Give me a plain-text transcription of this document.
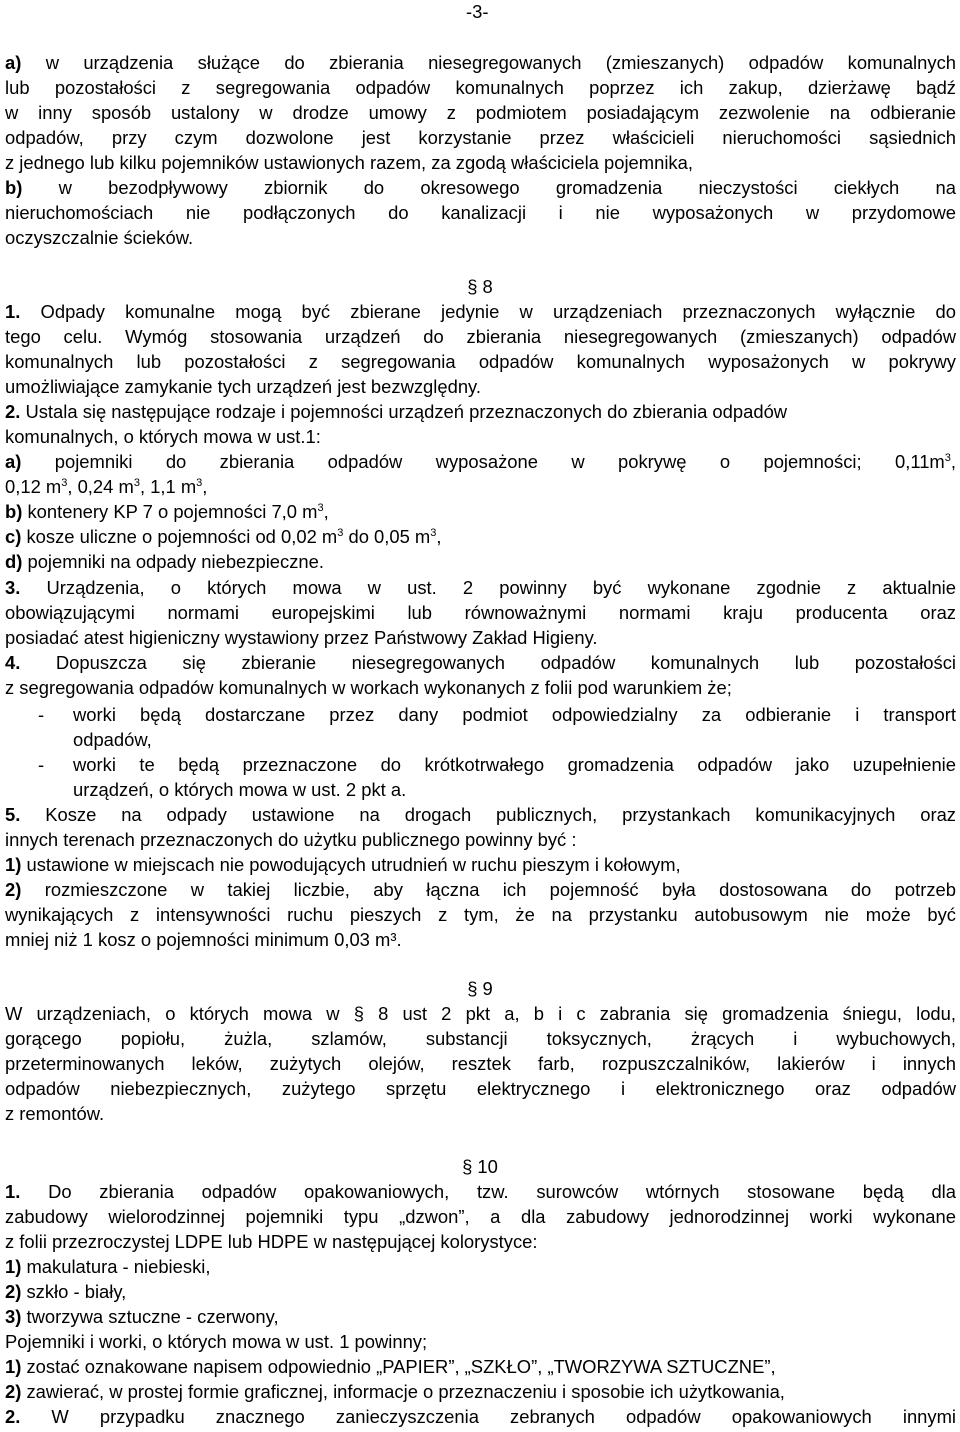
-3-
a) w urządzenia służące do zbierania niesegregowanych (zmieszanych) odpadów komunalnych
lub pozostałości z segregowania odpadów komunalnych poprzez ich zakup, dzierżawę bądź
w inny sposób ustalony w drodze umowy z podmiotem posiadającym zezwolenie na odbieranie
odpadów, przy czym dozwolone jest korzystanie przez właścicieli nieruchomości sąsiednich
z jednego lub kilku pojemników ustawionych razem, za zgodą właściciela pojemnika,
b) w bezodpływowy zbiornik do okresowego gromadzenia nieczystości ciekłych na
nieruchomościach nie podłączonych do kanalizacji i nie wyposażonych w przydomowe
oczyszczalnie ścieków.
§ 8
1. Odpady komunalne mogą być zbierane jedynie w urządzeniach przeznaczonych wyłącznie do
tego celu. Wymóg stosowania urządzeń do zbierania niesegregowanych (zmieszanych) odpadów
komunalnych lub pozostałości z segregowania odpadów komunalnych wyposażonych w pokrywy
umożliwiające zamykanie tych urządzeń jest bezwzględny.
2. Ustala się następujące rodzaje i pojemności urządzeń przeznaczonych do zbierania odpadów
komunalnych, o których mowa w ust.1:
a) pojemniki do zbierania odpadów wyposażone w pokrywę o pojemności; $0,11m^3$,
0,12 $m^3$, 0,24 $m^3$, 1,1 $m^3$,
b) kontenery KP 7 o pojemności 7,0 $m^3$,
c) kosze uliczne o pojemności od 0,02 $m^3$ do 0,05 $m^3$,
d) pojemniki na odpady niebezpieczne.
3. Urządzenia, o których mowa w ust. 2 powinny być wykonane zgodnie z aktualnie
obowiązującymi normami europejskimi lub równoważnymi normami kraju producenta oraz
posiadać atest higieniczny wystawiony przez Państwowy Zakład Higieny.
4. Dopuszcza się zbieranie niesegregowanych odpadów komunalnych lub pozostałości
z segregowania odpadów komunalnych w workach wykonanych z folii pod warunkiem że;
- worki będą dostarczane przez dany podmiot odpowiedzialny za odbieranie i transport
odpadów,
- worki te będą przeznaczone do krótkotrwałego gromadzenia odpadów jako uzupełnienie
urządzeń, o których mowa w ust. 2 pkt a.
5. Kosze na odpady ustawione na drogach publicznych, przystankach komunikacyjnych oraz
innych terenach przeznaczonych do użytku publicznego powinny być :
1) ustawione w miejscach nie powodujących utrudnień w ruchu pieszym i kołowym,
2) rozmieszczone w takiej liczbie, aby łączna ich pojemność była dostosowana do potrzeb
wynikających z intensywności ruchu pieszych z tym, że na przystanku autobusowym nie może być
mniej niż 1 kosz o pojemności minimum 0,03 m³.
§ 9
W urządzeniach, o których mowa w § 8 ust 2 pkt a, b i c zabrania się gromadzenia śniegu, lodu,
gorącego popiołu, żużla, szlamów, substancji toksycznych, żrących i wybuchowych,
przeterminowanych leków, zużytych olejów, resztek farb, rozpuszczalników, lakierów i innych
odpadów niebezpiecznych, zużytego sprzętu elektrycznego i elektronicznego oraz odpadów
z remontów.
§ 10
1. Do zbierania odpadów opakowaniowych, tzw. surowców wtórnych stosowane będą dla
zabudowy wielorodzinnej pojemniki typu „dzwon”, a dla zabudowy jednorodzinnej worki wykonane
z folii przezroczystej LDPE lub HDPE w następującej kolorystyce:
1) makulatura - niebieski,
2) szkło - biały,
3) tworzywa sztuczne - czerwony,
Pojemniki i worki, o których mowa w ust. 1 powinny;
1) zostać oznakowane napisem odpowiednio „PAPIER”, „SZKŁO”, „TWORZYWA SZTUCZNE”,
2) zawierać, w prostej formie graficznej, informacje o przeznaczeniu i sposobie ich użytkowania,
2. W przypadku znacznego zanieczyszczenia zebranych odpadów opakowaniowych innymi
